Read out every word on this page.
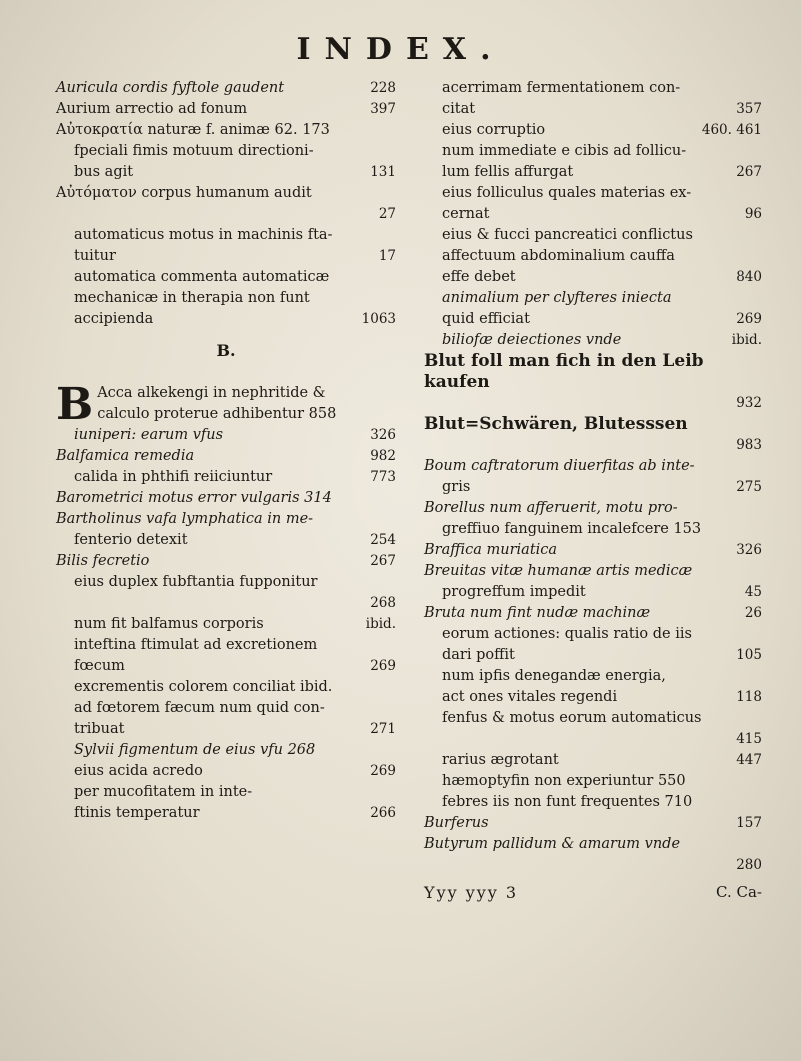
INDEX.
Auricula cordis fyftole gaudent	228
Aurium arrectio ad fonum	397
Αὐτοκρατία naturæ f. animæ 62. 173
fpeciali fimis motuum directioni-
bus agit	131
Αὐτόματον corpus humanum audit

27
automaticus motus in machinis fta-
tuitur	17
automatica commenta automaticæ
mechanicæ in therapia non funt
accipienda	1063
B.
B Acca alkekengi in nephritide & calculo proterue adhibentur 858
iuniperi: earum vfus	326
Balfamica remedia	982
calida in phthifi reiiciuntur	773
Barometrici motus error vulgaris 314
Bartholinus vafa lymphatica in me-
fenterio detexit	254
Bilis fecretio	267
eius duplex fubftantia fupponitur

268
num fit balfamus corporis	ibid.
inteftina ftimulat ad excretionem
fœcum	269
excrementis colorem conciliat ibid.
ad fœtorem fæcum num quid con-
tribuat	271
Sylvii figmentum de eius vfu 268
eius acida acredo	269
per mucofitatem in inte-
ftinis temperatur	266
acerrimam fermentationem con-
citat	357
eius corruptio	460. 461
num immediate e cibis ad follicu-
lum fellis affurgat	267
eius folliculus quales materias ex-
cernat	96
eius & fucci pancreatici conflictus
affectuum abdominalium cauffa
effe debet	840
animalium per clyfteres iniecta
quid efficiat	269
biliofæ deiectiones vnde	ibid.
Blut foll man fich in den Leib kaufen

932
Blut=Schwären, Blutesssen

983
Boum caftratorum diuerfitas ab inte-
gris	275
Borellus num afferuerit, motu pro-
greffiuo fanguinem incalefcere 153
Braffica muriatica	326
Breuitas vitæ humanæ artis medicæ
progreffum impedit	45
Bruta num fint nudæ machinæ	26
eorum actiones: qualis ratio de iis
dari poffit	105
num ipfis denegandæ energia,
act ones vitales regendi	118
fenfus & motus eorum automaticus

415
rarius ægrotant	447
hæmoptyfin non experiuntur 550
febres iis non funt frequentes 710
Burferus	157
Butyrum pallidum & amarum vnde

280
Yyy yyy 3	C. Ca-
